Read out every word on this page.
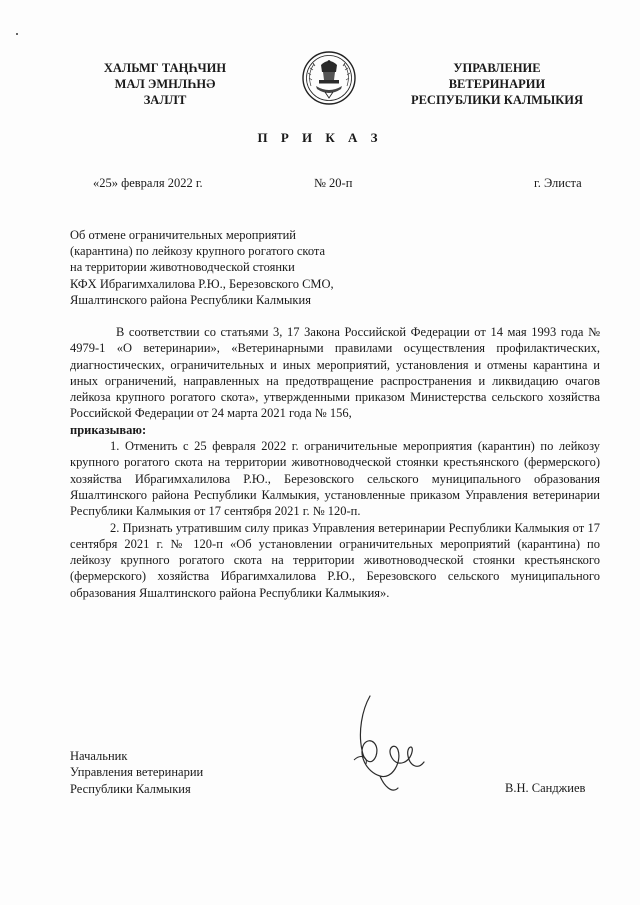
ХАЛЬМГ ТАҢҺЧИН
МАЛ ЭМНЛҺНӘ
ЗАЛЛТ
УПРАВЛЕНИЕ
ВЕТЕРИНАРИИ
РЕСПУБЛИКИ КАЛМЫКИЯ
П Р И К А З
«25» февраля 2022 г.	№ 20-п	г. Элиста
Об отмене ограничительных мероприятий
(карантина) по лейкозу крупного рогатого скота
на территории животноводческой стоянки
КФХ Ибрагимхалилова Р.Ю., Березовского СМО,
Яшалтинского района Республики Калмыкия

В соответствии со статьями 3, 17 Закона Российской Федерации от 14 мая 1993 года № 4979-1 «О ветеринарии», «Ветеринарными правилами осуществления профилактических, диагностических, ограничительных и иных мероприятий, установления и отмены карантина и иных ограничений, направленных на предотвращение распространения и ликвидацию очагов лейкоза крупного рогатого скота», утвержденными приказом Министерства сельского хозяйства Российской Федерации от 24 марта 2021 года № 156,

приказываю:

1. Отменить с 25 февраля 2022 г. ограничительные мероприятия (карантин) по лейкозу крупного рогатого скота на территории животноводческой стоянки крестьянского (фермерского) хозяйства Ибрагимхалилова Р.Ю., Березовского сельского муниципального образования Яшалтинского района Республики Калмыкия, установленные приказом Управления ветеринарии Республики Калмыкия от 17 сентября 2021 г. № 120-п.

2. Признать утратившим силу приказ Управления ветеринарии Республики Калмыкия от 17 сентября 2021 г. № 120-п «Об установлении ограничительных мероприятий (карантина) по лейкозу крупного рогатого скота на территории животноводческой стоянки крестьянского (фермерского) хозяйства Ибрагимхалилова Р.Ю., Березовского сельского муниципального образования Яшалтинского района Республики Калмыкия».

Начальник
Управления ветеринарии
Республики Калмыкия	В.Н. Санджиев
